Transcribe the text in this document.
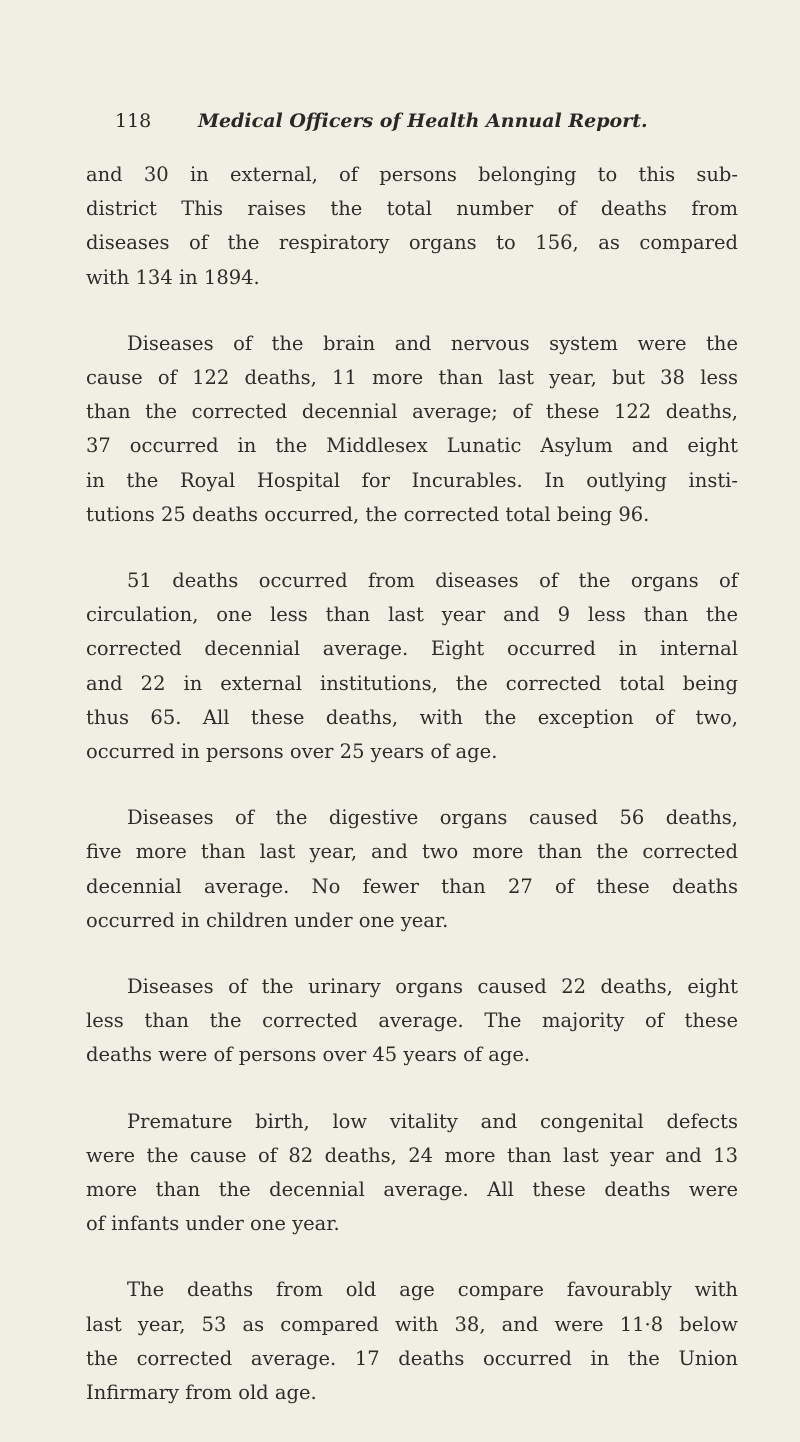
118 Medical Officers of Health Annual Report.

and 30 in external, of persons belonging to this sub-
district This raises the total number of deaths from
diseases of the respiratory organs to 156, as compared
with 134 in 1894.

Diseases of the brain and nervous system were the
cause of 122 deaths, 11 more than last year, but 38 less
than the corrected decennial average; of these 122 deaths,
37 occurred in the Middlesex Lunatic Asylum and eight
in the Royal Hospital for Incurables. In outlying insti-
tutions 25 deaths occurred, the corrected total being 96.

51 deaths occurred from diseases of the organs of
circulation, one less than last year and 9 less than the
corrected decennial average. Eight occurred in internal
and 22 in external institutions, the corrected total being
thus 65. All these deaths, with the exception of two,
occurred in persons over 25 years of age.

Diseases of the digestive organs caused 56 deaths,
five more than last year, and two more than the corrected
decennial average. No fewer than 27 of these deaths
occurred in children under one year.

Diseases of the urinary organs caused 22 deaths, eight
less than the corrected average. The majority of these
deaths were of persons over 45 years of age.

Premature birth, low vitality and congenital defects
were the cause of 82 deaths, 24 more than last year and 13
more than the decennial average. All these deaths were
of infants under one year.

The deaths from old age compare favourably with
last year, 53 as compared with 38, and were 11·8 below
the corrected average. 17 deaths occurred in the Union
Infirmary from old age.
